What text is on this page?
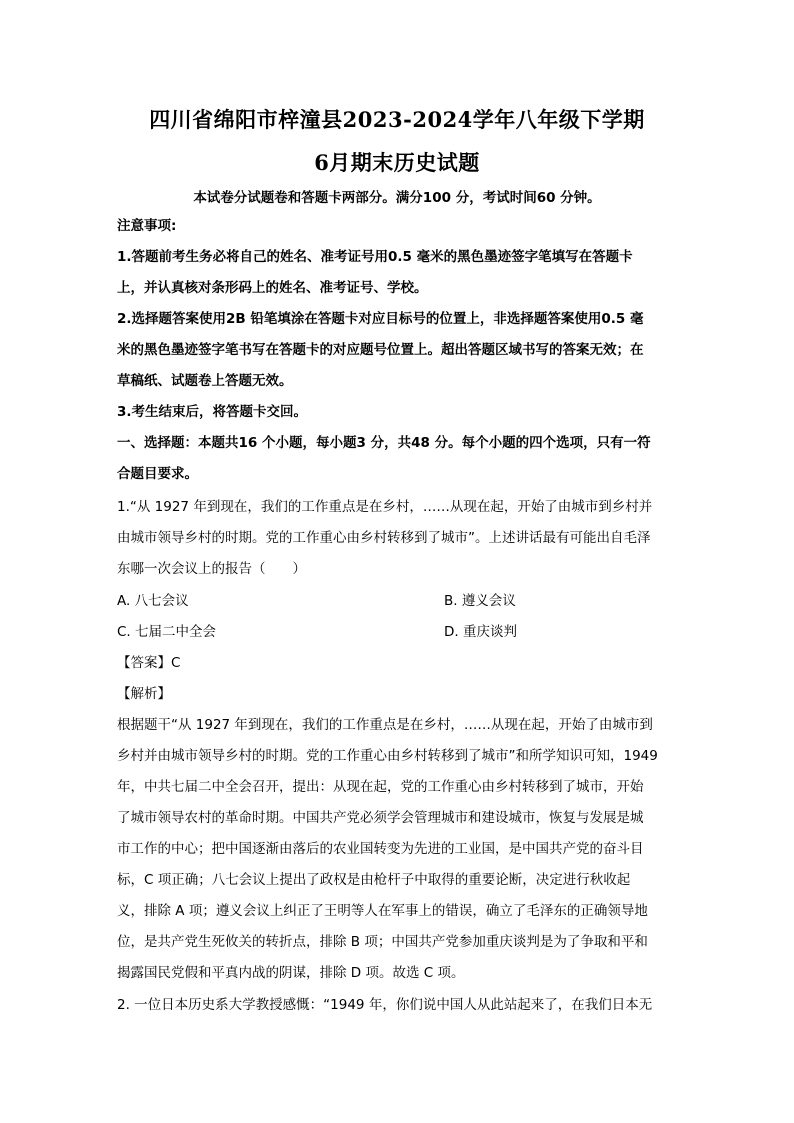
四川省绵阳市梓潼县2023-2024学年八年级下学期
6月期末历史试题
本试卷分试题卷和答题卡两部分。满分100 分，考试时间60 分钟。
注意事项:
1.答题前考生务必将自己的姓名、准考证号用0.5 毫米的黑色墨迹签字笔填写在答题卡
上，并认真核对条形码上的姓名、准考证号、学校。
2.选择题答案使用2B 铅笔填涂在答题卡对应目标号的位置上，非选择题答案使用0.5 毫
米的黑色墨迹签字笔书写在答题卡的对应题号位置上。超出答题区域书写的答案无效；在
草稿纸、试题卷上答题无效。
3.考生结束后，将答题卡交回。
一、选择题：本题共16 个小题，每小题3 分，共48 分。每个小题的四个选项，只有一符
合题目要求。
1.“从 1927 年到现在，我们的工作重点是在乡村，……从现在起，开始了由城市到乡村并
由城市领导乡村的时期。党的工作重心由乡村转移到了城市”。上述讲话最有可能出自毛泽
东哪一次会议上的报告（　　）
A. 八七会议	B. 遵义会议
C. 七届二中全会	D. 重庆谈判
【答案】C
【解析】
根据题干“从 1927 年到现在，我们的工作重点是在乡村，……从现在起，开始了由城市到
乡村并由城市领导乡村的时期。党的工作重心由乡村转移到了城市”和所学知识可知，1949
年，中共七届二中全会召开，提出：从现在起，党的工作重心由乡村转移到了城市，开始
了城市领导农村的革命时期。中国共产党必须学会管理城市和建设城市，恢复与发展是城
市工作的中心；把中国逐渐由落后的农业国转变为先进的工业国，是中国共产党的奋斗目
标，C 项正确；八七会议上提出了政权是由枪杆子中取得的重要论断，决定进行秋收起
义，排除 A 项；遵义会议上纠正了王明等人在军事上的错误，确立了毛泽东的正确领导地
位，是共产党生死攸关的转折点，排除 B 项；中国共产党参加重庆谈判是为了争取和平和
揭露国民党假和平真内战的阴谋，排除 D 项。故选 C 项。
2. 一位日本历史系大学教授感慨：“1949 年，你们说中国人从此站起来了，在我们日本无
